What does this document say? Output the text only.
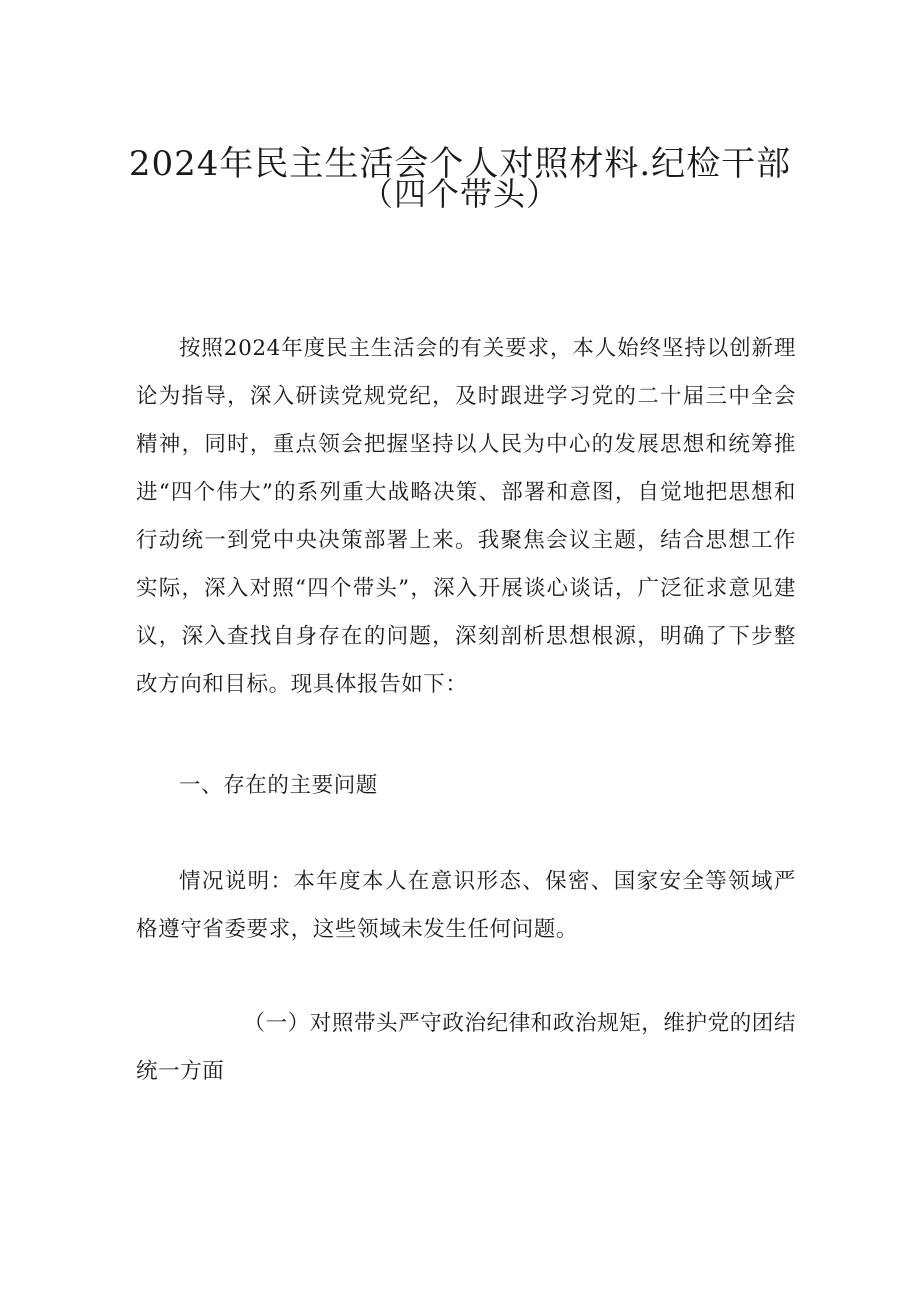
2024年民主生活会个人对照材料.纪检干部
（四个带头）
按照2024年度民主生活会的有关要求，本人始终坚持以创新理论为指导，深入研读党规党纪，及时跟进学习党的二十届三中全会精神，同时，重点领会把握坚持以人民为中心的发展思想和统筹推进“四个伟大”的系列重大战略决策、部署和意图，自觉地把思想和行动统一到党中央决策部署上来。我聚焦会议主题，结合思想工作实际，深入对照“四个带头”，深入开展谈心谈话，广泛征求意见建议，深入查找自身存在的问题，深刻剖析思想根源，明确了下步整改方向和目标。现具体报告如下：
一、存在的主要问题
情况说明：本年度本人在意识形态、保密、国家安全等领域严格遵守省委要求，这些领域未发生任何问题。
（一）对照带头严守政治纪律和政治规矩，维护党的团结统一方面
